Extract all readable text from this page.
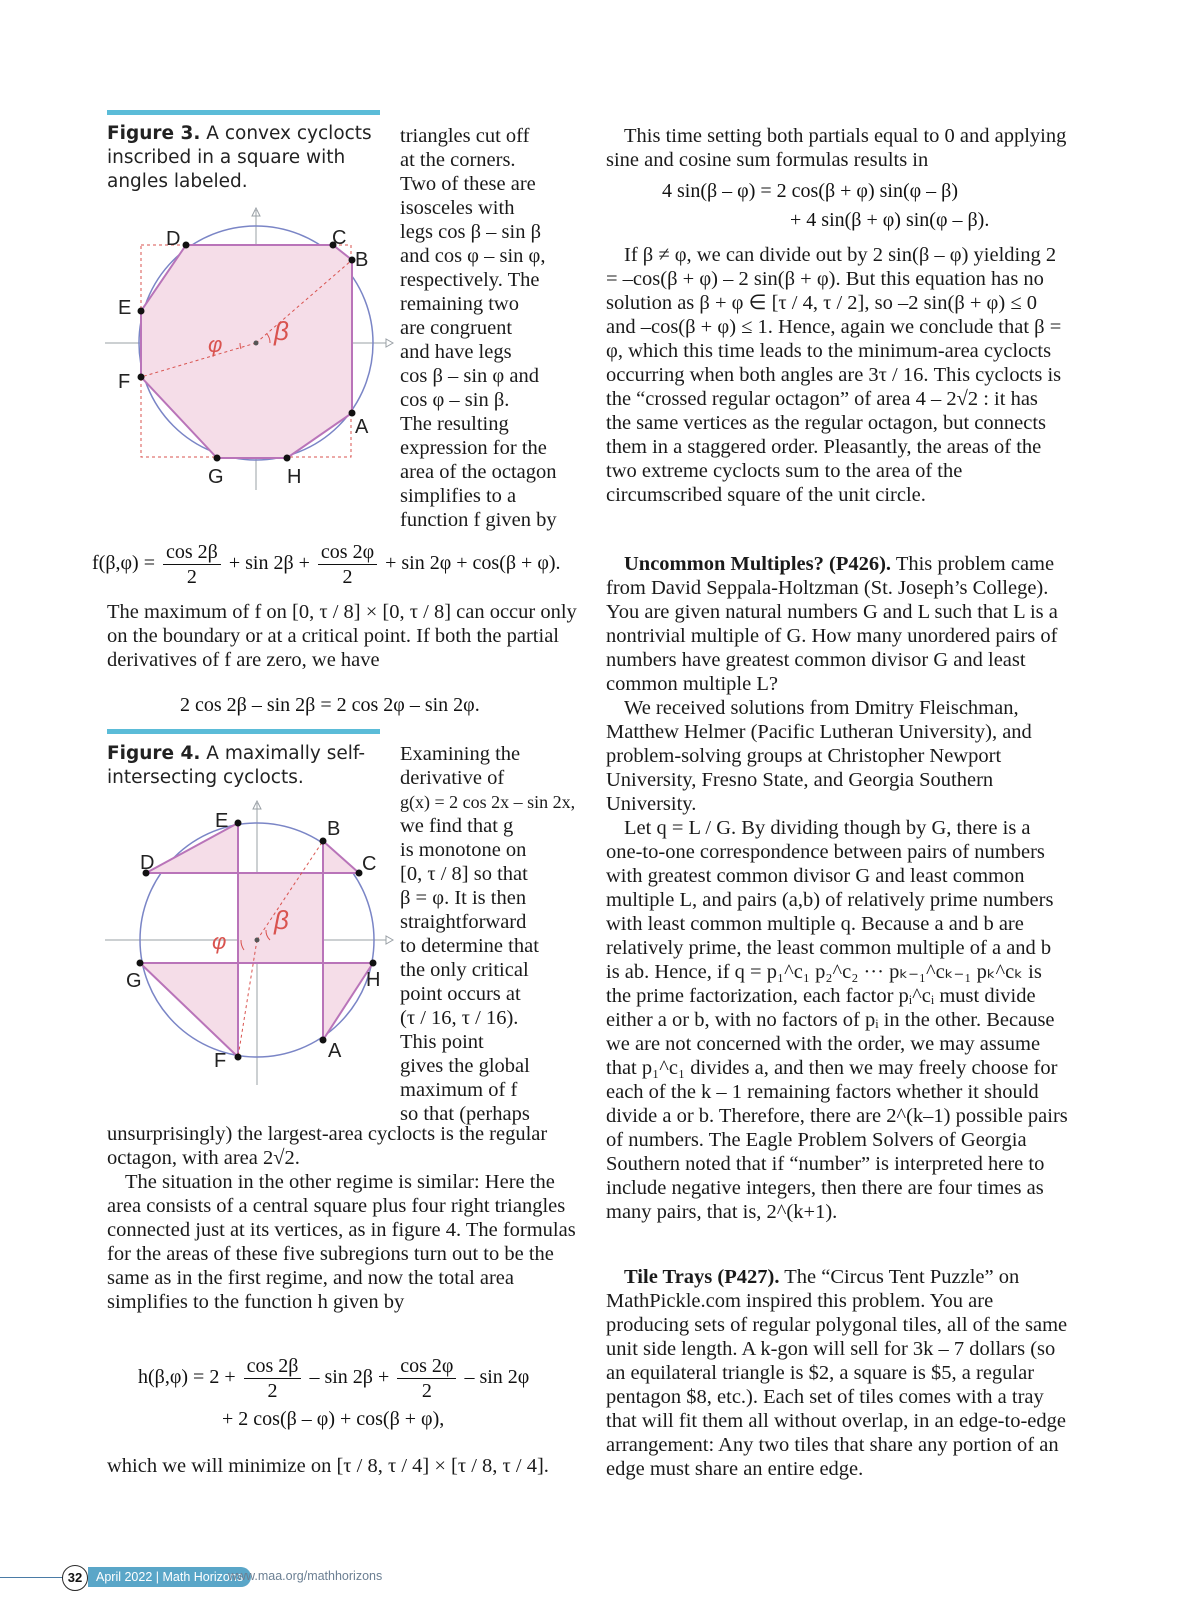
Figure 3. A convex cyclocts inscribed in a square with angles labeled.
D	C
B
E
F
A
G	H
φ β
triangles cut off
at the corners.
Two of these are
isosceles with
legs cos β – sin β
and cos φ – sin φ,
respectively. The
remaining two
are congruent
and have legs
cos β – sin φ and
cos φ – sin β.
The resulting
expression for the
area of the octagon
simplifies to a
function f given by
$f(\beta,\varphi) = \frac{\cos 2\beta}{2} + \sin 2\beta + \frac{\cos 2\varphi}{2} + \sin 2\varphi + \cos(\beta + \varphi)$.

The maximum of f on [0, τ / 8] × [0, τ / 8] can occur only on the boundary or at a critical point. If both the partial derivatives of f are zero, we have

2 cos 2β – sin 2β = 2 cos 2φ – sin 2φ.
Figure 4. A maximally self-intersecting cyclocts.
E	B
D	C
G	H
F	A
φ
β
Examining the
derivative of
g(x) = 2 cos 2x – sin 2x,
we find that g
is monotone on
[0, τ / 8] so that
β = φ. It is then
straightforward
to determine that
the only critical
point occurs at
(τ / 16, τ / 16).
This point
gives the global
maximum of f
so that (perhaps

unsurprisingly) the largest-area cyclocts is the regular octagon, with area 2√2.

The situation in the other regime is similar: Here the area consists of a central square plus four right triangles connected just at its vertices, as in figure 4. The formulas for the areas of these five subregions turn out to be the same as in the first regime, and now the total area simplifies to the function h given by

$h(\beta,\varphi) = 2 + \frac{\cos 2\beta}{2} - \sin 2\beta + \frac{\cos 2\varphi}{2} - \sin 2\varphi$
+ 2 cos(β – φ) + cos(β + φ),

which we will minimize on [τ / 8, τ / 4] × [τ / 8, τ / 4].

This time setting both partials equal to 0 and applying sine and cosine sum formulas results in

4 sin(β – φ) = 2 cos(β + φ) sin(φ – β)
+ 4 sin(β + φ) sin(φ – β).

If β ≠ φ, we can divide out by 2 sin(β – φ) yielding 2 = –cos(β + φ) – 2 sin(β + φ). But this equation has no solution as β + φ ∈ [τ / 4, τ / 2], so –2 sin(β + φ) ≤ 0 and –cos(β + φ) ≤ 1. Hence, again we conclude that β = φ, which this time leads to the minimum-area cyclocts occurring when both angles are 3τ / 16. This cyclocts is the “crossed regular octagon” of area 4 – 2√2 : it has the same vertices as the regular octagon, but connects them in a staggered order. Pleasantly, the areas of the two extreme cyclocts sum to the area of the circumscribed square of the unit circle.

Uncommon Multiples? (P426). This problem came from David Seppala-Holtzman (St. Joseph’s College). You are given natural numbers G and L such that L is a nontrivial multiple of G. How many unordered pairs of numbers have greatest common divisor G and least common multiple L?

We received solutions from Dmitry Fleischman, Matthew Helmer (Pacific Lutheran University), and problem-solving groups at Christopher Newport University, Fresno State, and Georgia Southern University.

Let q = L / G. By dividing though by G, there is a one-to-one correspondence between pairs of numbers with greatest common divisor G and least common multiple L, and pairs (a,b) of relatively prime numbers with least common multiple q. Because a and b are relatively prime, the least common multiple of a and b is ab. Hence, if q = p₁^c₁ p₂^c₂ ··· pₖ₋₁^cₖ₋₁ pₖ^cₖ is the prime factorization, each factor pᵢ^cᵢ must divide either a or b, with no factors of pᵢ in the other. Because we are not concerned with the order, we may assume that p₁^c₁ divides a, and then we may freely choose for each of the k – 1 remaining factors whether it should divide a or b. Therefore, there are 2^(k–1) possible pairs of numbers. The Eagle Problem Solvers of Georgia Southern noted that if “number” is interpreted here to include negative integers, then there are four times as many pairs, that is, 2^(k+1).

Tile Trays (P427). The “Circus Tent Puzzle” on MathPickle.com inspired this problem. You are producing sets of regular polygonal tiles, all of the same unit side length. A k-gon will sell for 3k – 7 dollars (so an equilateral triangle is $2, a square is $5, a regular pentagon $8, etc.). Each set of tiles comes with a tray that will fit them all without overlap, in an edge-to-edge arrangement: Any two tiles that share any portion of an edge must share an entire edge.

32	April 2022 | Math Horizons
www.maa.org/mathhorizons
